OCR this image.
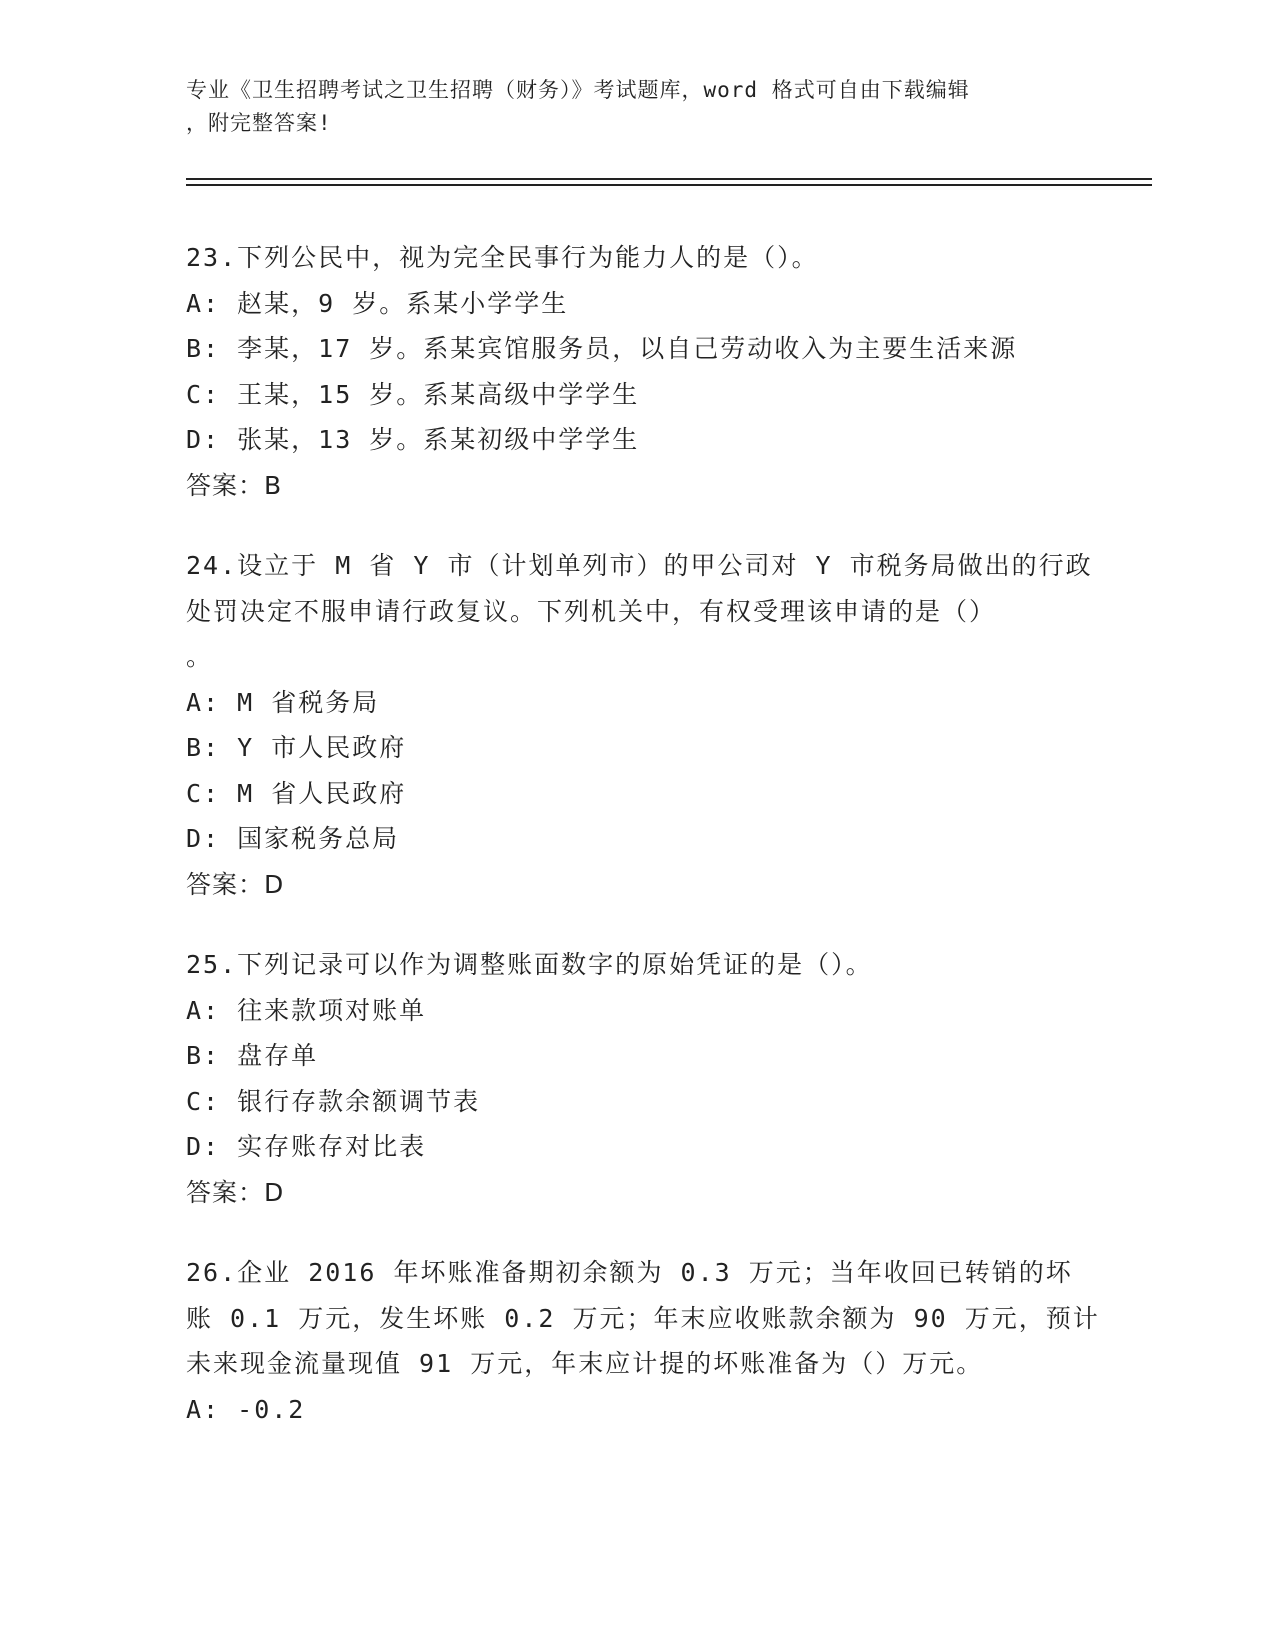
专业《卫生招聘考试之卫生招聘（财务）》考试题库，word 格式可自由下载编辑
，附完整答案!
23.下列公民中，视为完全民事行为能力人的是（）。
A: 赵某，9 岁。系某小学学生
B: 李某，17 岁。系某宾馆服务员，以自己劳动收入为主要生活来源
C: 王某，15 岁。系某高级中学学生
D: 张某，13 岁。系某初级中学学生
答案：B
24.设立于 M 省 Y 市（计划单列市）的甲公司对 Y 市税务局做出的行政
处罚决定不服申请行政复议。下列机关中，有权受理该申请的是（）
。
A: M 省税务局
B: Y 市人民政府
C: M 省人民政府
D: 国家税务总局
答案：D
25.下列记录可以作为调整账面数字的原始凭证的是（）。
A: 往来款项对账单
B: 盘存单
C: 银行存款余额调节表
D: 实存账存对比表
答案：D
26.企业 2016 年坏账准备期初余额为 0.3 万元；当年收回已转销的坏
账 0.1 万元，发生坏账 0.2 万元；年末应收账款余额为 90 万元，预计
未来现金流量现值 91 万元，年末应计提的坏账准备为（）万元。
A: -0.2
